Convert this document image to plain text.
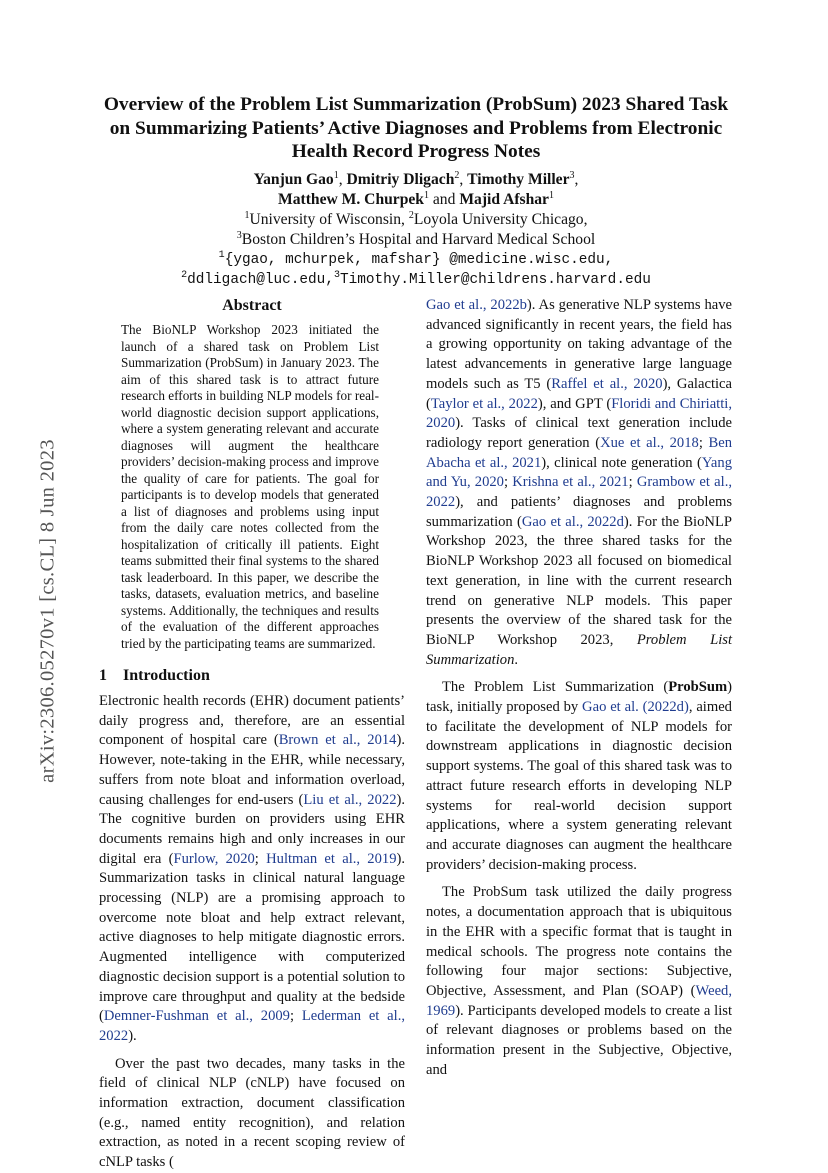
arXiv:2306.05270v1 [cs.CL] 8 Jun 2023
Overview of the Problem List Summarization (ProbSum) 2023 Shared Task on Summarizing Patients’ Active Diagnoses and Problems from Electronic Health Record Progress Notes
Yanjun Gao$^1$, Dmitriy Dligach$^2$, Timothy Miller$^3$,
Matthew M. Churpek$^1$ and Majid Afshar$^1$
$^1$University of Wisconsin, $^2$Loyola University Chicago,
$^3$Boston Children’s Hospital and Harvard Medical School
$^1${ygao, mchurpek, mafshar} @medicine.wisc.edu,
$^2$ddligach@luc.edu,$^3$Timothy.Miller@childrens.harvard.edu
Abstract

The BioNLP Workshop 2023 initiated the launch of a shared task on Problem List Summarization (ProbSum) in January 2023. The aim of this shared task is to attract future research efforts in building NLP models for real-world diagnostic decision support applications, where a system generating relevant and accurate diagnoses will augment the healthcare providers’ decision-making process and improve the quality of care for patients. The goal for participants is to develop models that generated a list of diagnoses and problems using input from the daily care notes collected from the hospitalization of critically ill patients. Eight teams submitted their final systems to the shared task leaderboard. In this paper, we describe the tasks, datasets, evaluation metrics, and baseline systems. Additionally, the techniques and results of the evaluation of the different approaches tried by the participating teams are summarized.

1 Introduction

Electronic health records (EHR) document patients’ daily progress and, therefore, are an essential component of hospital care (Brown et al., 2014). However, note-taking in the EHR, while necessary, suffers from note bloat and information overload, causing challenges for end-users (Liu et al., 2022). The cognitive burden on providers using EHR documents remains high and only increases in our digital era (Furlow, 2020; Hultman et al., 2019). Summarization tasks in clinical natural language processing (NLP) are a promising approach to overcome note bloat and help extract relevant, active diagnoses to help mitigate diagnostic errors. Augmented intelligence with computerized diagnostic decision support is a potential solution to improve care throughput and quality at the bedside (Demner-Fushman et al., 2009; Lederman et al., 2022).

Over the past two decades, many tasks in the field of clinical NLP (cNLP) have focused on information extraction, document classification (e.g., named entity recognition), and relation extraction, as noted in a recent scoping review of cNLP tasks (

Gao et al., 2022b). As generative NLP systems have advanced significantly in recent years, the field has a growing opportunity on taking advantage of the latest advancements in generative large language models such as T5 (Raffel et al., 2020), Galactica (Taylor et al., 2022), and GPT (Floridi and Chiriatti, 2020). Tasks of clinical text generation include radiology report generation (Xue et al., 2018; Ben Abacha et al., 2021), clinical note generation (Yang and Yu, 2020; Krishna et al., 2021; Grambow et al., 2022), and patients’ diagnoses and problems summarization (Gao et al., 2022d). For the BioNLP Workshop 2023, the three shared tasks for the BioNLP Workshop 2023 all focused on biomedical text generation, in line with the current research trend on generative NLP models. This paper presents the overview of the shared task for the BioNLP Workshop 2023, Problem List Summarization.

The Problem List Summarization (ProbSum) task, initially proposed by Gao et al. (2022d), aimed to facilitate the development of NLP models for downstream applications in diagnostic decision support systems. The goal of this shared task was to attract future research efforts in developing NLP systems for real-world decision support applications, where a system generating relevant and accurate diagnoses can augment the healthcare providers’ decision-making process.

The ProbSum task utilized the daily progress notes, a documentation approach that is ubiquitous in the EHR with a specific format that is taught in medical schools. The progress note contains the following four major sections: Subjective, Objective, Assessment, and Plan (SOAP) (Weed, 1969). Participants developed models to create a list of relevant diagnoses or problems based on the information present in the Subjective, Objective, and
